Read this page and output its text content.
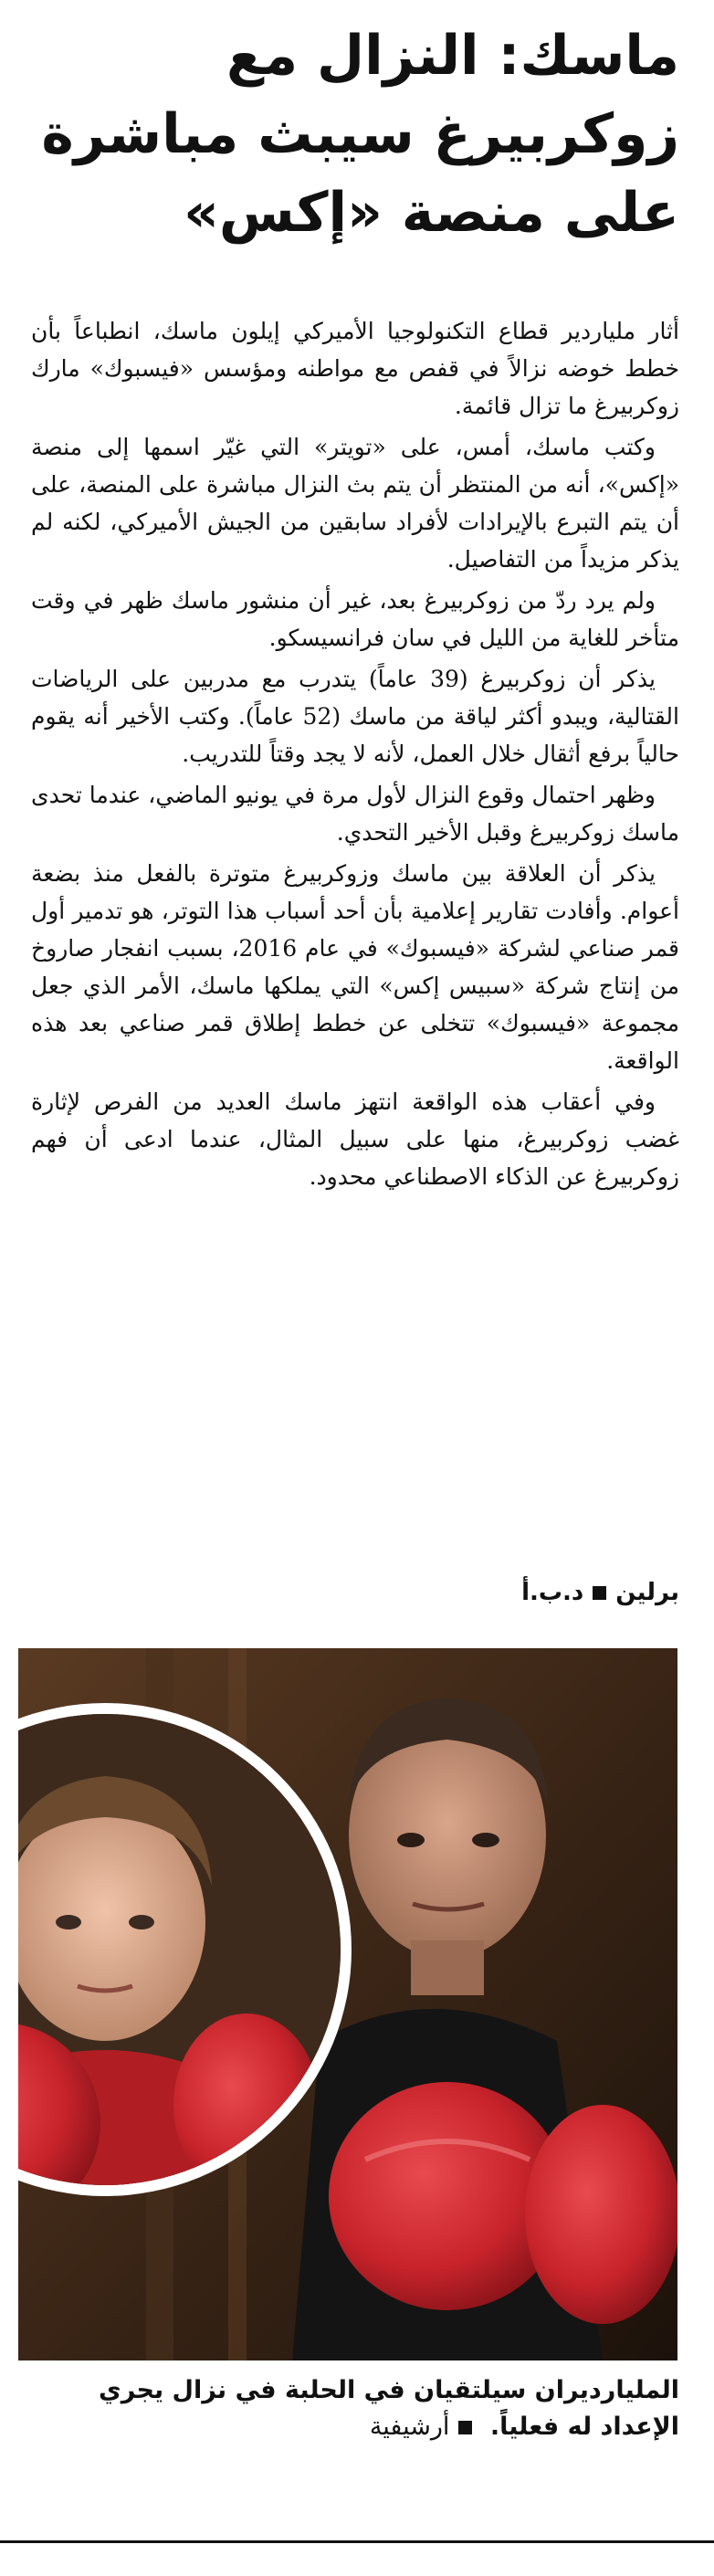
ماسك: النزال مع زوكربيرغ سيبث مباشرة على منصة «إكس»

أثار ملياردير قطاع التكنولوجيا الأميركي إيلون ماسك، انطباعاً بأن خطط خوضه نزالاً في قفص مع مواطنه ومؤسس «فيسبوك» مارك زوكربيرغ ما تزال قائمة.

وكتب ماسك، أمس، على «تويتر» التي غيّر اسمها إلى منصة «إكس»، أنه من المنتظر أن يتم بث النزال مباشرة على المنصة، على أن يتم التبرع بالإيرادات لأفراد سابقين من الجيش الأميركي، لكنه لم يذكر مزيداً من التفاصيل.

ولم يرد ردّ من زوكربيرغ بعد، غير أن منشور ماسك ظهر في وقت متأخر للغاية من الليل في سان فرانسيسكو.

يذكر أن زوكربيرغ (39 عاماً) يتدرب مع مدربين على الرياضات القتالية، ويبدو أكثر لياقة من ماسك (52 عاماً). وكتب الأخير أنه يقوم حالياً برفع أثقال خلال العمل، لأنه لا يجد وقتاً للتدريب.

وظهر احتمال وقوع النزال لأول مرة في يونيو الماضي، عندما تحدى ماسك زوكربيرغ وقبل الأخير التحدي.

يذكر أن العلاقة بين ماسك وزوكربيرغ متوترة بالفعل منذ بضعة أعوام. وأفادت تقارير إعلامية بأن أحد أسباب هذا التوتر، هو تدمير أول قمر صناعي لشركة «فيسبوك» في عام 2016، بسبب انفجار صاروخ من إنتاج شركة «سبيس إكس» التي يملكها ماسك، الأمر الذي جعل مجموعة «فيسبوك» تتخلى عن خطط إطلاق قمر صناعي بعد هذه الواقعة.

وفي أعقاب هذه الواقعة انتهز ماسك العديد من الفرص لإثارة غضب زوكربيرغ، منها على سبيل المثال، عندما ادعى أن فهم زوكربيرغ عن الذكاء الاصطناعي محدود.

برليند.ب.أ
المليارديران سيلتقيان في الحلبة في نزال يجري الإعداد له فعلياً. أرشيفية
